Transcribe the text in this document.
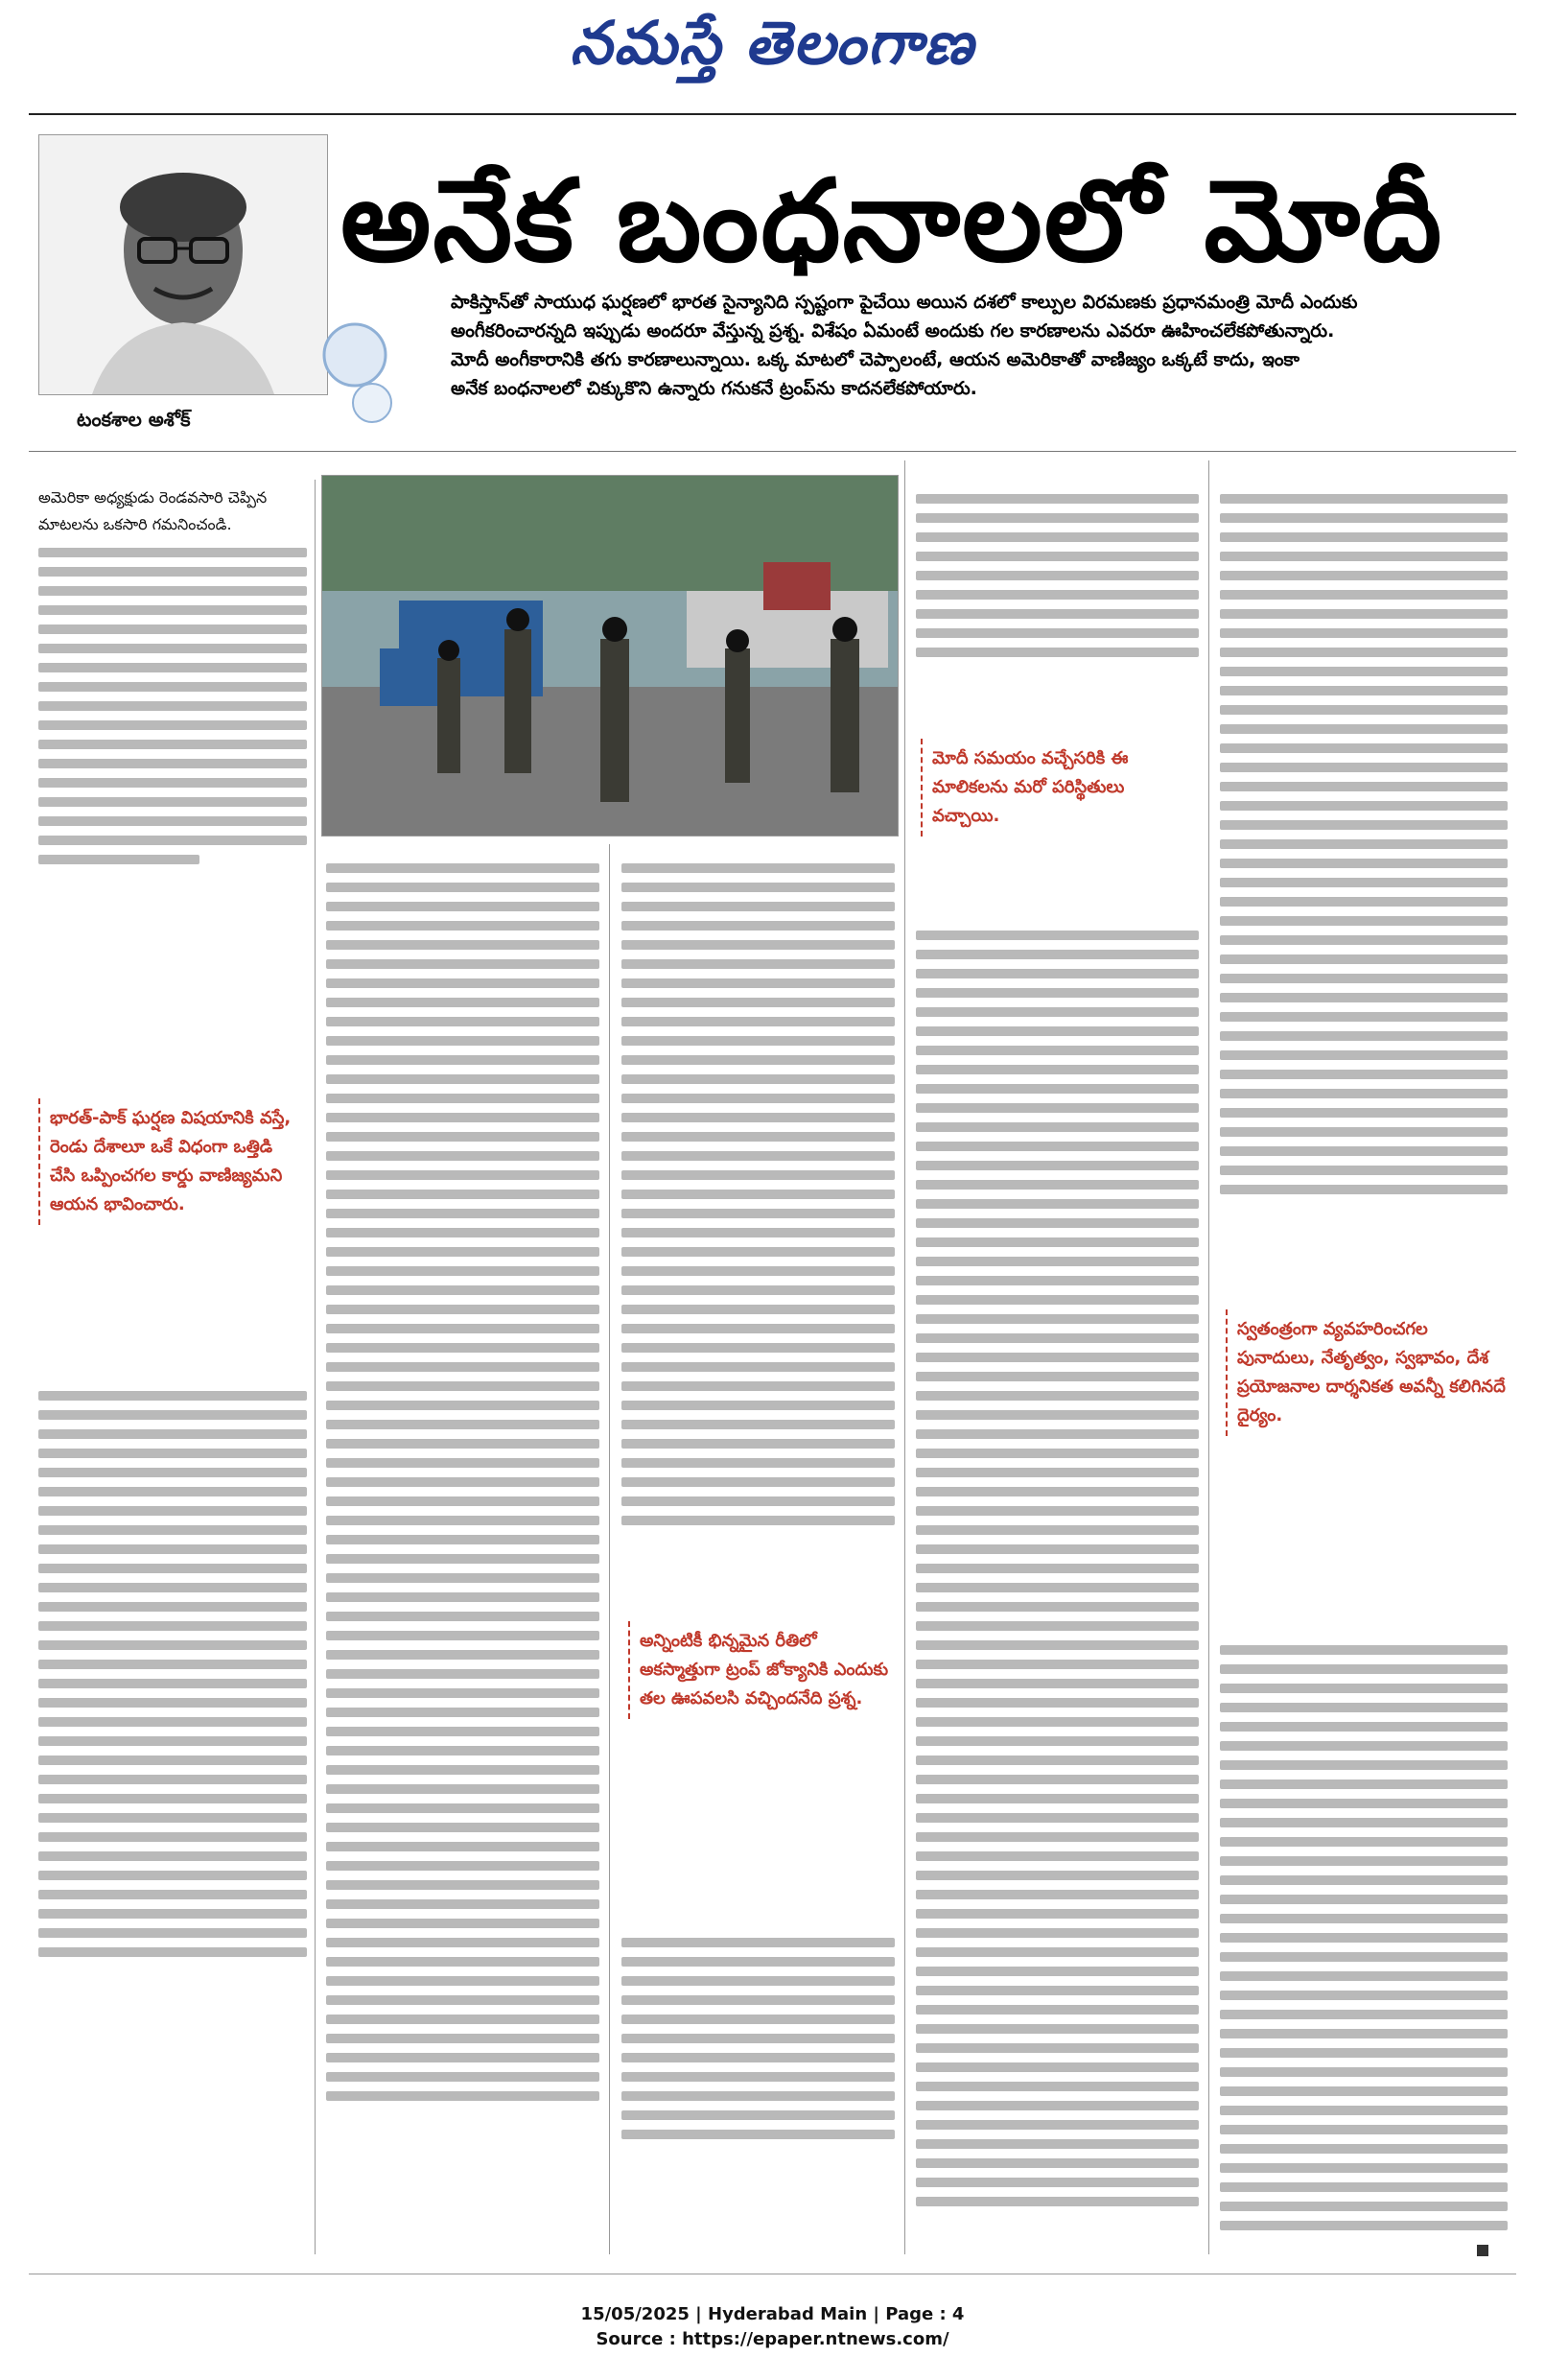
నమస్తే తెలంగాణ
టంకశాల అశోక్
అనేక బంధనాలలో మోదీ
పాకిస్తాన్‌తో సాయుధ ఘర్షణలో భారత సైన్యానిది స్పష్టంగా పైచేయి అయిన దశలో కాల్పుల విరమణకు ప్రధానమంత్రి మోదీ ఎందుకు
అంగీకరించారన్నది ఇప్పుడు అందరూ వేస్తున్న ప్రశ్న. విశేషం ఏమంటే అందుకు గల కారణాలను ఎవరూ ఊహించలేకపోతున్నారు.
మోదీ అంగీకారానికి తగు కారణాలున్నాయి. ఒక్క మాటలో చెప్పాలంటే, ఆయన అమెరికాతో వాణిజ్యం ఒక్కటే కాదు, ఇంకా
అనేక బంధనాలలో చిక్కుకొని ఉన్నారు గనుకనే ట్రంప్‌ను కాదనలేకపోయారు.
అమెరికా అధ్యక్షుడు రెండవసారి చెప్పిన మాటలను ఒకసారి గమనించండి.
భారత్-పాక్ ఘర్షణ విషయానికి వస్తే, రెండు దేశాలూ ఒకే విధంగా ఒత్తిడి చేసి ఒప్పించగల కార్డు వాణిజ్యమని ఆయన భావించారు.
అన్నింటికీ భిన్నమైన రీతిలో అకస్మాత్తుగా ట్రంప్ జోక్యానికి ఎందుకు తల ఊపవలసి వచ్చిందనేది ప్రశ్న.
మోదీ సమయం వచ్చేసరికి ఈ మాలికలను మరో పరిస్థితులు వచ్చాయి.
స్వతంత్రంగా వ్యవహరించగల పునాదులు, నేతృత్వం, స్వభావం, దేశ ప్రయోజనాల దార్శనికత అవన్నీ కలిగినదే దైర్యం.
15/05/2025 | Hyderabad Main | Page : 4
Source : https://epaper.ntnews.com/
